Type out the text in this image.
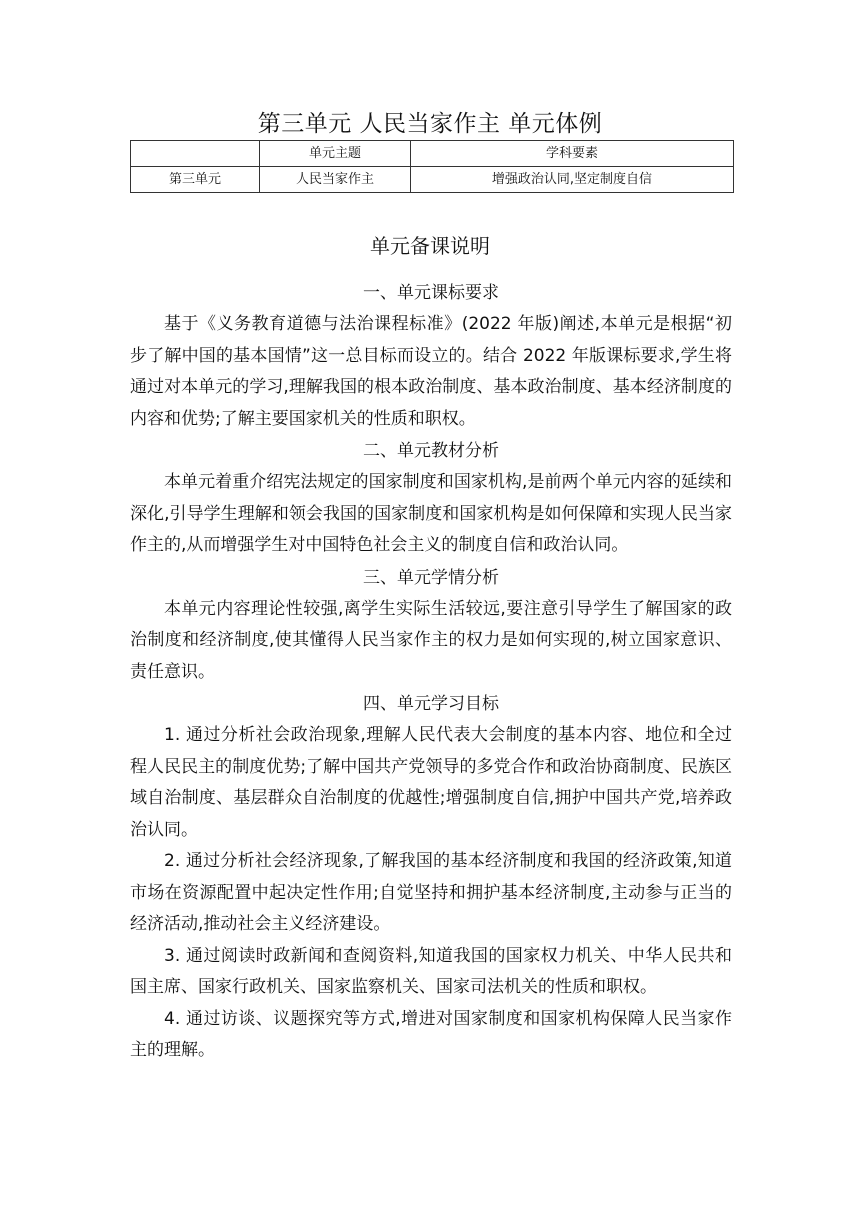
第三单元 人民当家作主 单元体例
	单元主题	学科要素
第三单元	人民当家作主	增强政治认同,坚定制度自信
单元备课说明

一、单元课标要求

基于《义务教育道德与法治课程标准》(2022 年版)阐述,本单元是根据“初步了解中国的基本国情”这一总目标而设立的。结合 2022 年版课标要求,学生将通过对本单元的学习,理解我国的根本政治制度、基本政治制度、基本经济制度的内容和优势;了解主要国家机关的性质和职权。

二、单元教材分析

本单元着重介绍宪法规定的国家制度和国家机构,是前两个单元内容的延续和深化,引导学生理解和领会我国的国家制度和国家机构是如何保障和实现人民当家作主的,从而增强学生对中国特色社会主义的制度自信和政治认同。

三、单元学情分析

本单元内容理论性较强,离学生实际生活较远,要注意引导学生了解国家的政治制度和经济制度,使其懂得人民当家作主的权力是如何实现的,树立国家意识、责任意识。

四、单元学习目标

1. 通过分析社会政治现象,理解人民代表大会制度的基本内容、地位和全过程人民民主的制度优势;了解中国共产党领导的多党合作和政治协商制度、民族区域自治制度、基层群众自治制度的优越性;增强制度自信,拥护中国共产党,培养政治认同。

2. 通过分析社会经济现象,了解我国的基本经济制度和我国的经济政策,知道市场在资源配置中起决定性作用;自觉坚持和拥护基本经济制度,主动参与正当的经济活动,推动社会主义经济建设。

3. 通过阅读时政新闻和查阅资料,知道我国的国家权力机关、中华人民共和国主席、国家行政机关、国家监察机关、国家司法机关的性质和职权。

4. 通过访谈、议题探究等方式,增进对国家制度和国家机构保障人民当家作主的理解。
